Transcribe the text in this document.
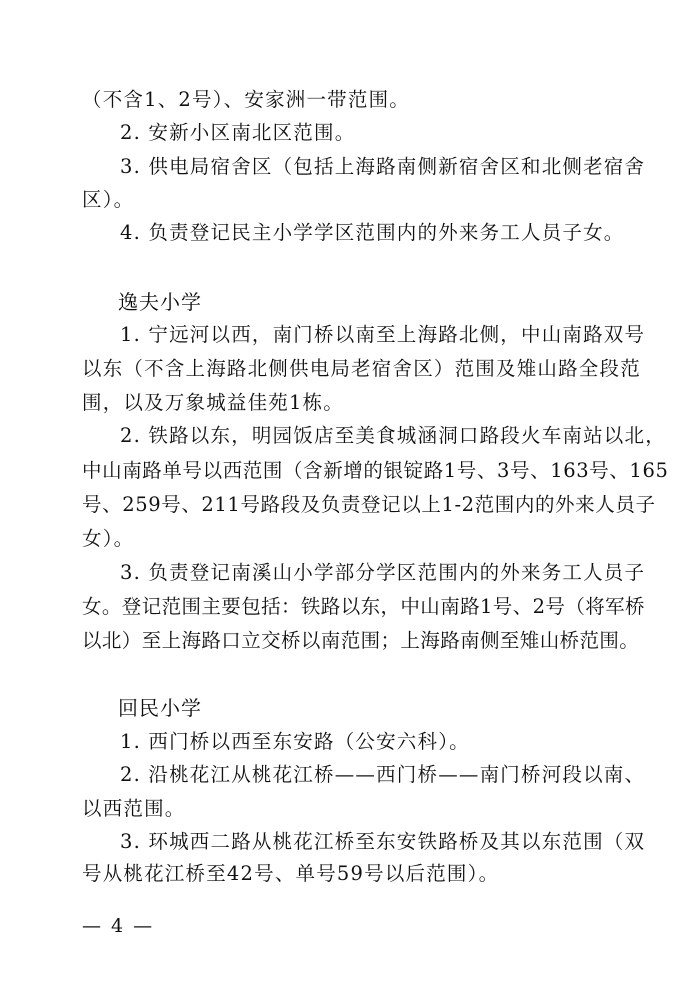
（不含1、2号）、安家洲一带范围。
2. 安新小区南北区范围。
3. 供电局宿舍区（包括上海路南侧新宿舍区和北侧老宿舍
区）。
4. 负责登记民主小学学区范围内的外来务工人员子女。
逸夫小学
1. 宁远河以西，南门桥以南至上海路北侧，中山南路双号
以东（不含上海路北侧供电局老宿舍区）范围及雉山路全段范
围，以及万象城益佳苑1栋。
2. 铁路以东，明园饭店至美食城涵洞口路段火车南站以北，
中山南路单号以西范围（含新增的银锭路1号、3号、163号、165
号、259号、211号路段及负责登记以上1-2范围内的外来人员子
女）。
3. 负责登记南溪山小学部分学区范围内的外来务工人员子
女。登记范围主要包括：铁路以东，中山南路1号、2号（将军桥
以北）至上海路口立交桥以南范围；上海路南侧至雉山桥范围。
回民小学
1. 西门桥以西至东安路（公安六科）。
2. 沿桃花江从桃花江桥——西门桥——南门桥河段以南、
以西范围。
3. 环城西二路从桃花江桥至东安铁路桥及其以东范围（双
号从桃花江桥至42号、单号59号以后范围）。
— 4 —
